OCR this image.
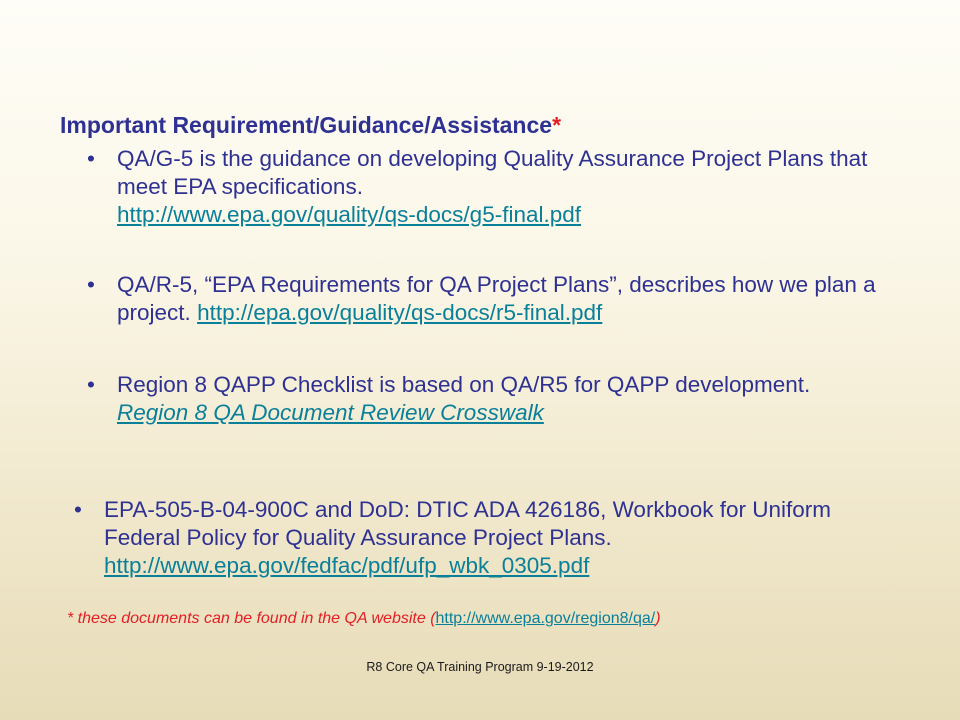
Important Requirement/Guidance/Assistance*
• QA/G-5 is the guidance on developing Quality Assurance Project Plans that meet EPA specifications.
http://www.epa.gov/quality/qs-docs/g5-final.pdf
• QA/R-5, “EPA Requirements for QA Project Plans”, describes how we plan a project. http://epa.gov/quality/qs-docs/r5-final.pdf
• Region 8 QAPP Checklist is based on QA/R5 for QAPP development.
Region 8 QA Document Review Crosswalk
• EPA-505-B-04-900C and DoD: DTIC ADA 426186, Workbook for Uniform Federal Policy for Quality Assurance Project Plans.
http://www.epa.gov/fedfac/pdf/ufp_wbk_0305.pdf
* these documents can be found in the QA website (http://www.epa.gov/region8/qa/)
R8 Core QA Training Program 9-19-2012
